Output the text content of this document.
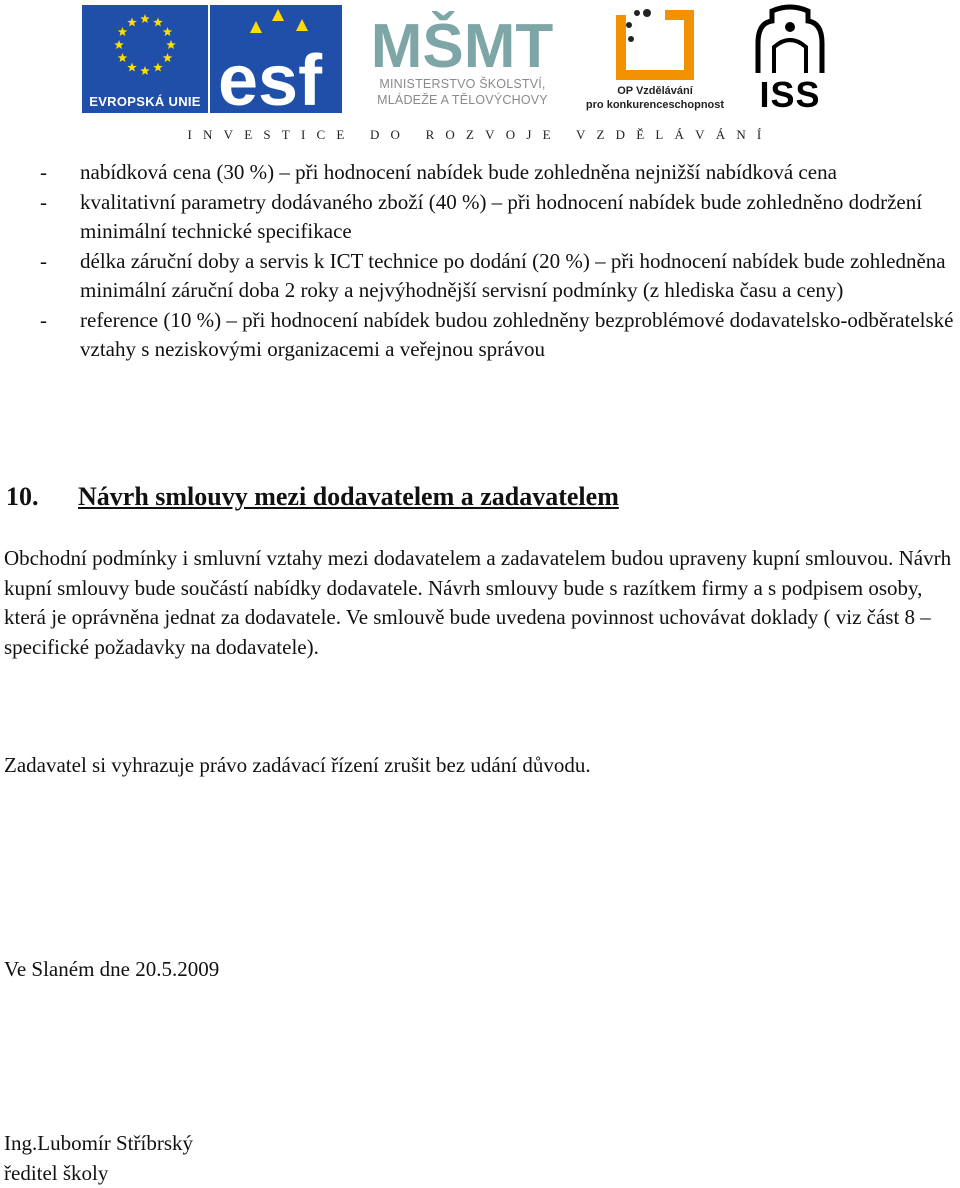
EVROPSKÁ UNIE esf MŠMT
MINISTERSTVO ŠKOLSTVÍ,
MLÁDEŽE A TĚLOVÝCHOVY
OP Vzdělávání
pro konkurenceschopnost ISS
INVESTICE DO ROZVOJE VZDĚLÁVÁNÍ
- nabídková cena (30 %) – při hodnocení nabídek bude zohledněna nejnižší nabídková cena
- kvalitativní parametry dodávaného zboží (40 %) – při hodnocení nabídek bude zohledněno dodržení minimální technické specifikace
- délka záruční doby a servis k ICT technice po dodání (20 %) – při hodnocení nabídek bude zohledněna minimální záruční doba 2 roky a nejvýhodnější servisní podmínky (z hlediska času a ceny)
- reference (10 %) – při hodnocení nabídek budou zohledněny bezproblémové dodavatelsko-odběratelské vztahy s neziskovými organizacemi a veřejnou správou
10. Návrh smlouvy mezi dodavatelem a zadavatelem

Obchodní podmínky i smluvní vztahy mezi dodavatelem a zadavatelem budou upraveny kupní smlouvou. Návrh kupní smlouvy bude součástí nabídky dodavatele. Návrh smlouvy bude s razítkem firmy a s podpisem osoby, která je oprávněna jednat za dodavatele. Ve smlouvě bude uvedena povinnost uchovávat doklady ( viz část 8 – specifické požadavky na dodavatele).

Zadavatel si vyhrazuje právo zadávací řízení zrušit bez udání důvodu.

Ve Slaném dne 20.5.2009

Ing.Lubomír Stříbrský
ředitel školy
